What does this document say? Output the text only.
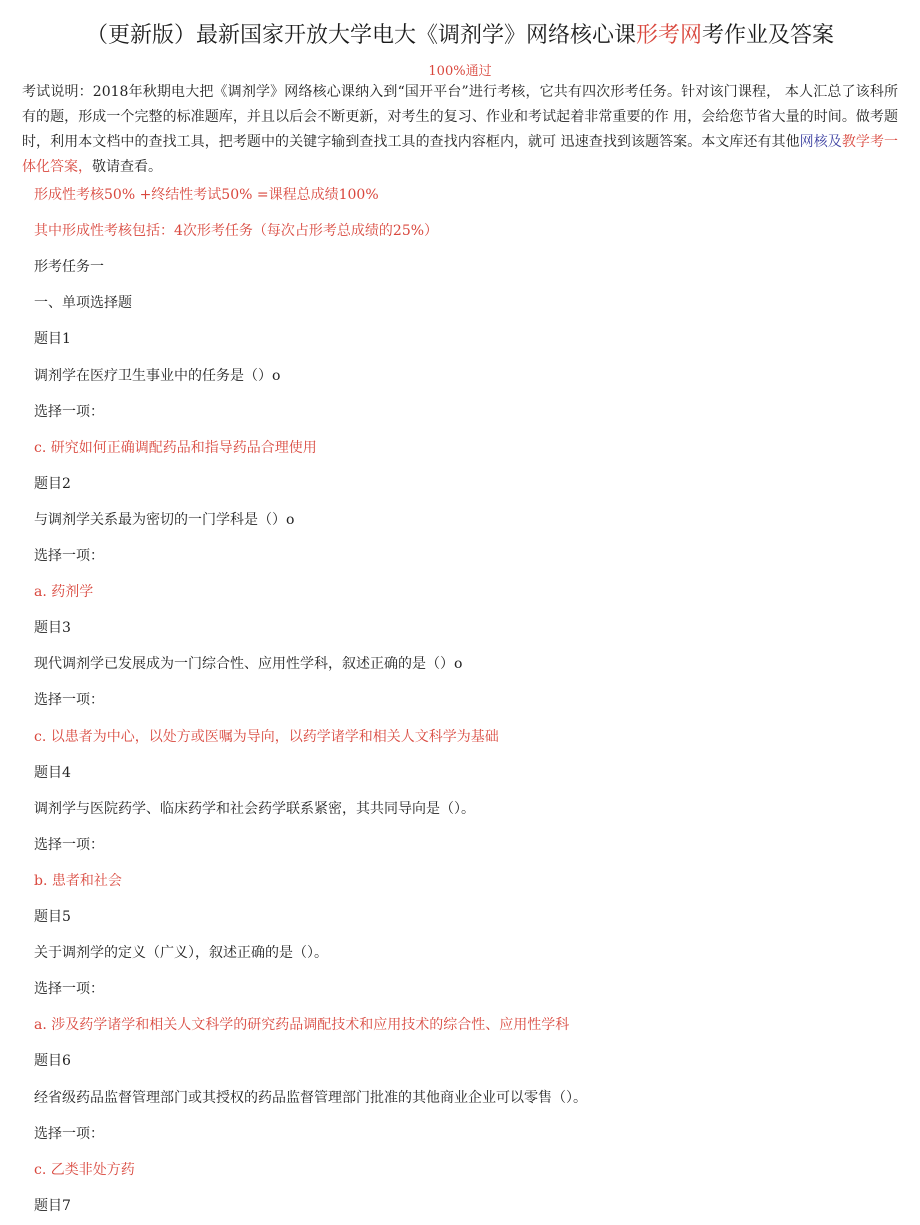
（更新版）最新国家开放大学电大《调剂学》网络核心课形考网考作业及答案
100%通过
考试说明：2018年秋期电大把《调剂学》网络核心课纳入到“国开平台”进行考核，它共有四次形考任务。针对该门课程， 本人汇总了该科所有的题，形成一个完整的标准题库，并且以后会不断更新，对考生的复习、作业和考试起着非常重要的作 用，会给您节省大量的时间。做考题时，利用本文档中的查找工具，把考题中的关键字输到查找工具的查找内容框内，就可 迅速查找到该题答案。本文库还有其他网核及教学考一体化答案，敬请查看。
形成性考核50% +终结性考试50% =课程总成绩100%
其中形成性考核包括：4次形考任务（每次占形考总成绩的25%）
形考任务一
一、单项选择题
题目1
调剂学在医疗卫生事业中的任务是（）o
选择一项：
c. 研究如何正确调配药品和指导药品合理使用
题目2
与调剂学关系最为密切的一门学科是（）o
选择一项：
a. 药剂学
题目3
现代调剂学已发展成为一门综合性、应用性学科，叙述正确的是（）o
选择一项：
c. 以患者为中心，以处方或医嘱为导向，以药学诸学和相关人文科学为基础
题目4
调剂学与医院药学、临床药学和社会药学联系紧密，其共同导向是（）。
选择一项：
b. 患者和社会
题目5
关于调剂学的定义（广义），叙述正确的是（）。
选择一项：
a. 涉及药学诸学和相关人文科学的研究药品调配技术和应用技术的综合性、应用性学科
题目6
经省级药品监督管理部门或其授权的药品监督管理部门批准的其他商业企业可以零售（）。
选择一项：
c. 乙类非处方药
题目7
